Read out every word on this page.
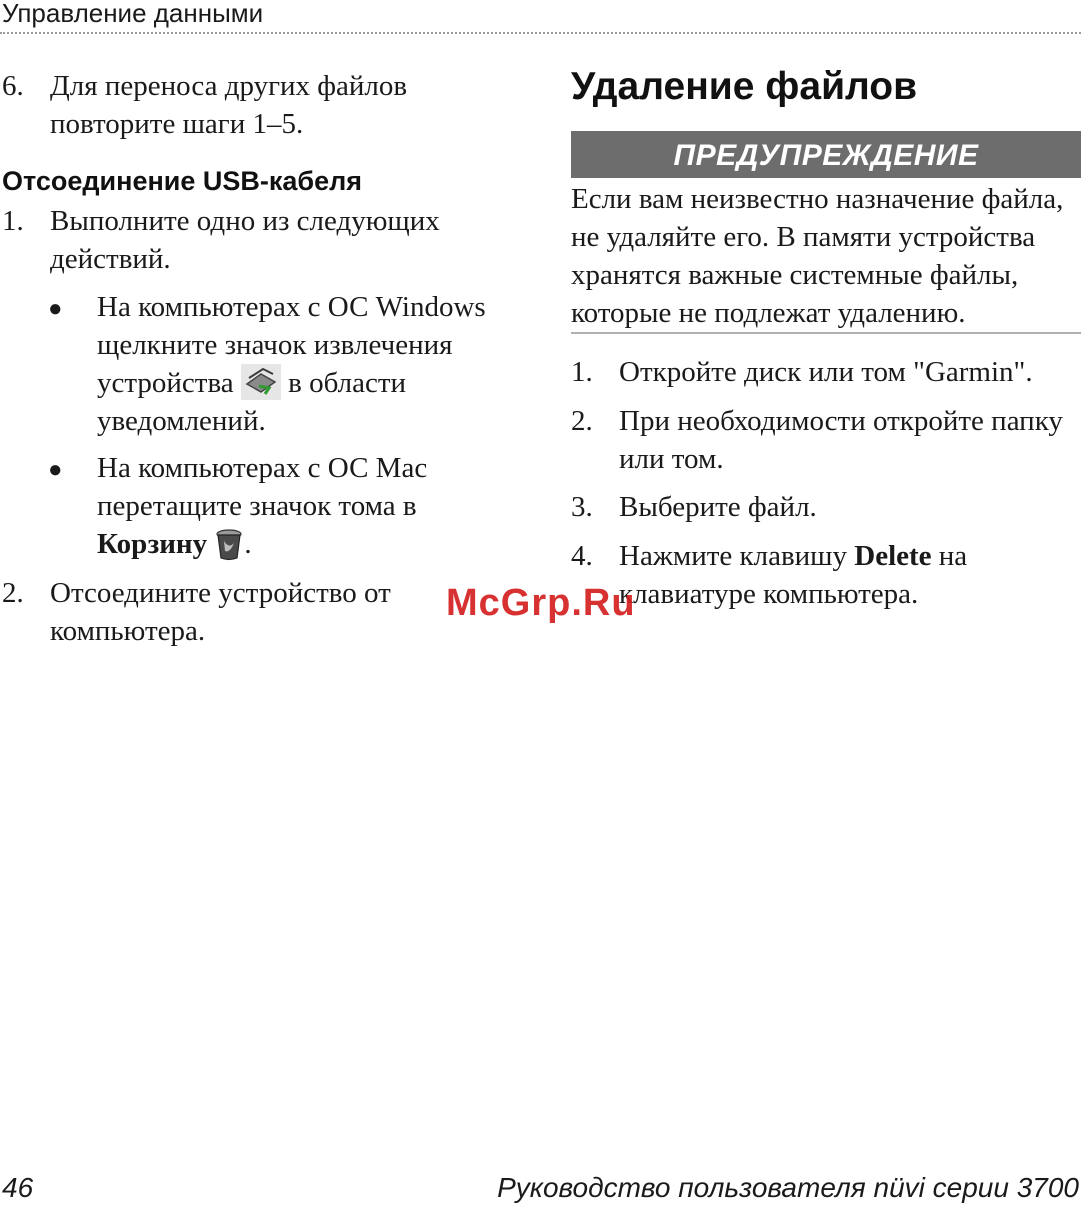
Управление данными
6. Для переноса других файлов
повторите шаги 1–5.
Отсоединение USB-кабеля
1. Выполните одно из следующих
действий.
● На компьютерах с ОС Windows
щелкните значок извлечения
устройства в области
уведомлений.
● На компьютерах с ОС Mac
перетащите значок тома в
Корзину .
2. Отсоедините устройство от
компьютера.
Удаление файлов
ПРЕДУПРЕЖДЕНИЕ
Если вам неизвестно назначение файла,
не удаляйте его. В памяти устройства
хранятся важные системные файлы,
которые не подлежат удалению.
1. Откройте диск или том "Garmin".
2. При необходимости откройте папку
или том.
3. Выберите файл.
4. Нажмите клавишу Delete на
клавиатуре компьютера.
McGrp.Ru
46	Руководство пользователя nüvi серии 3700
